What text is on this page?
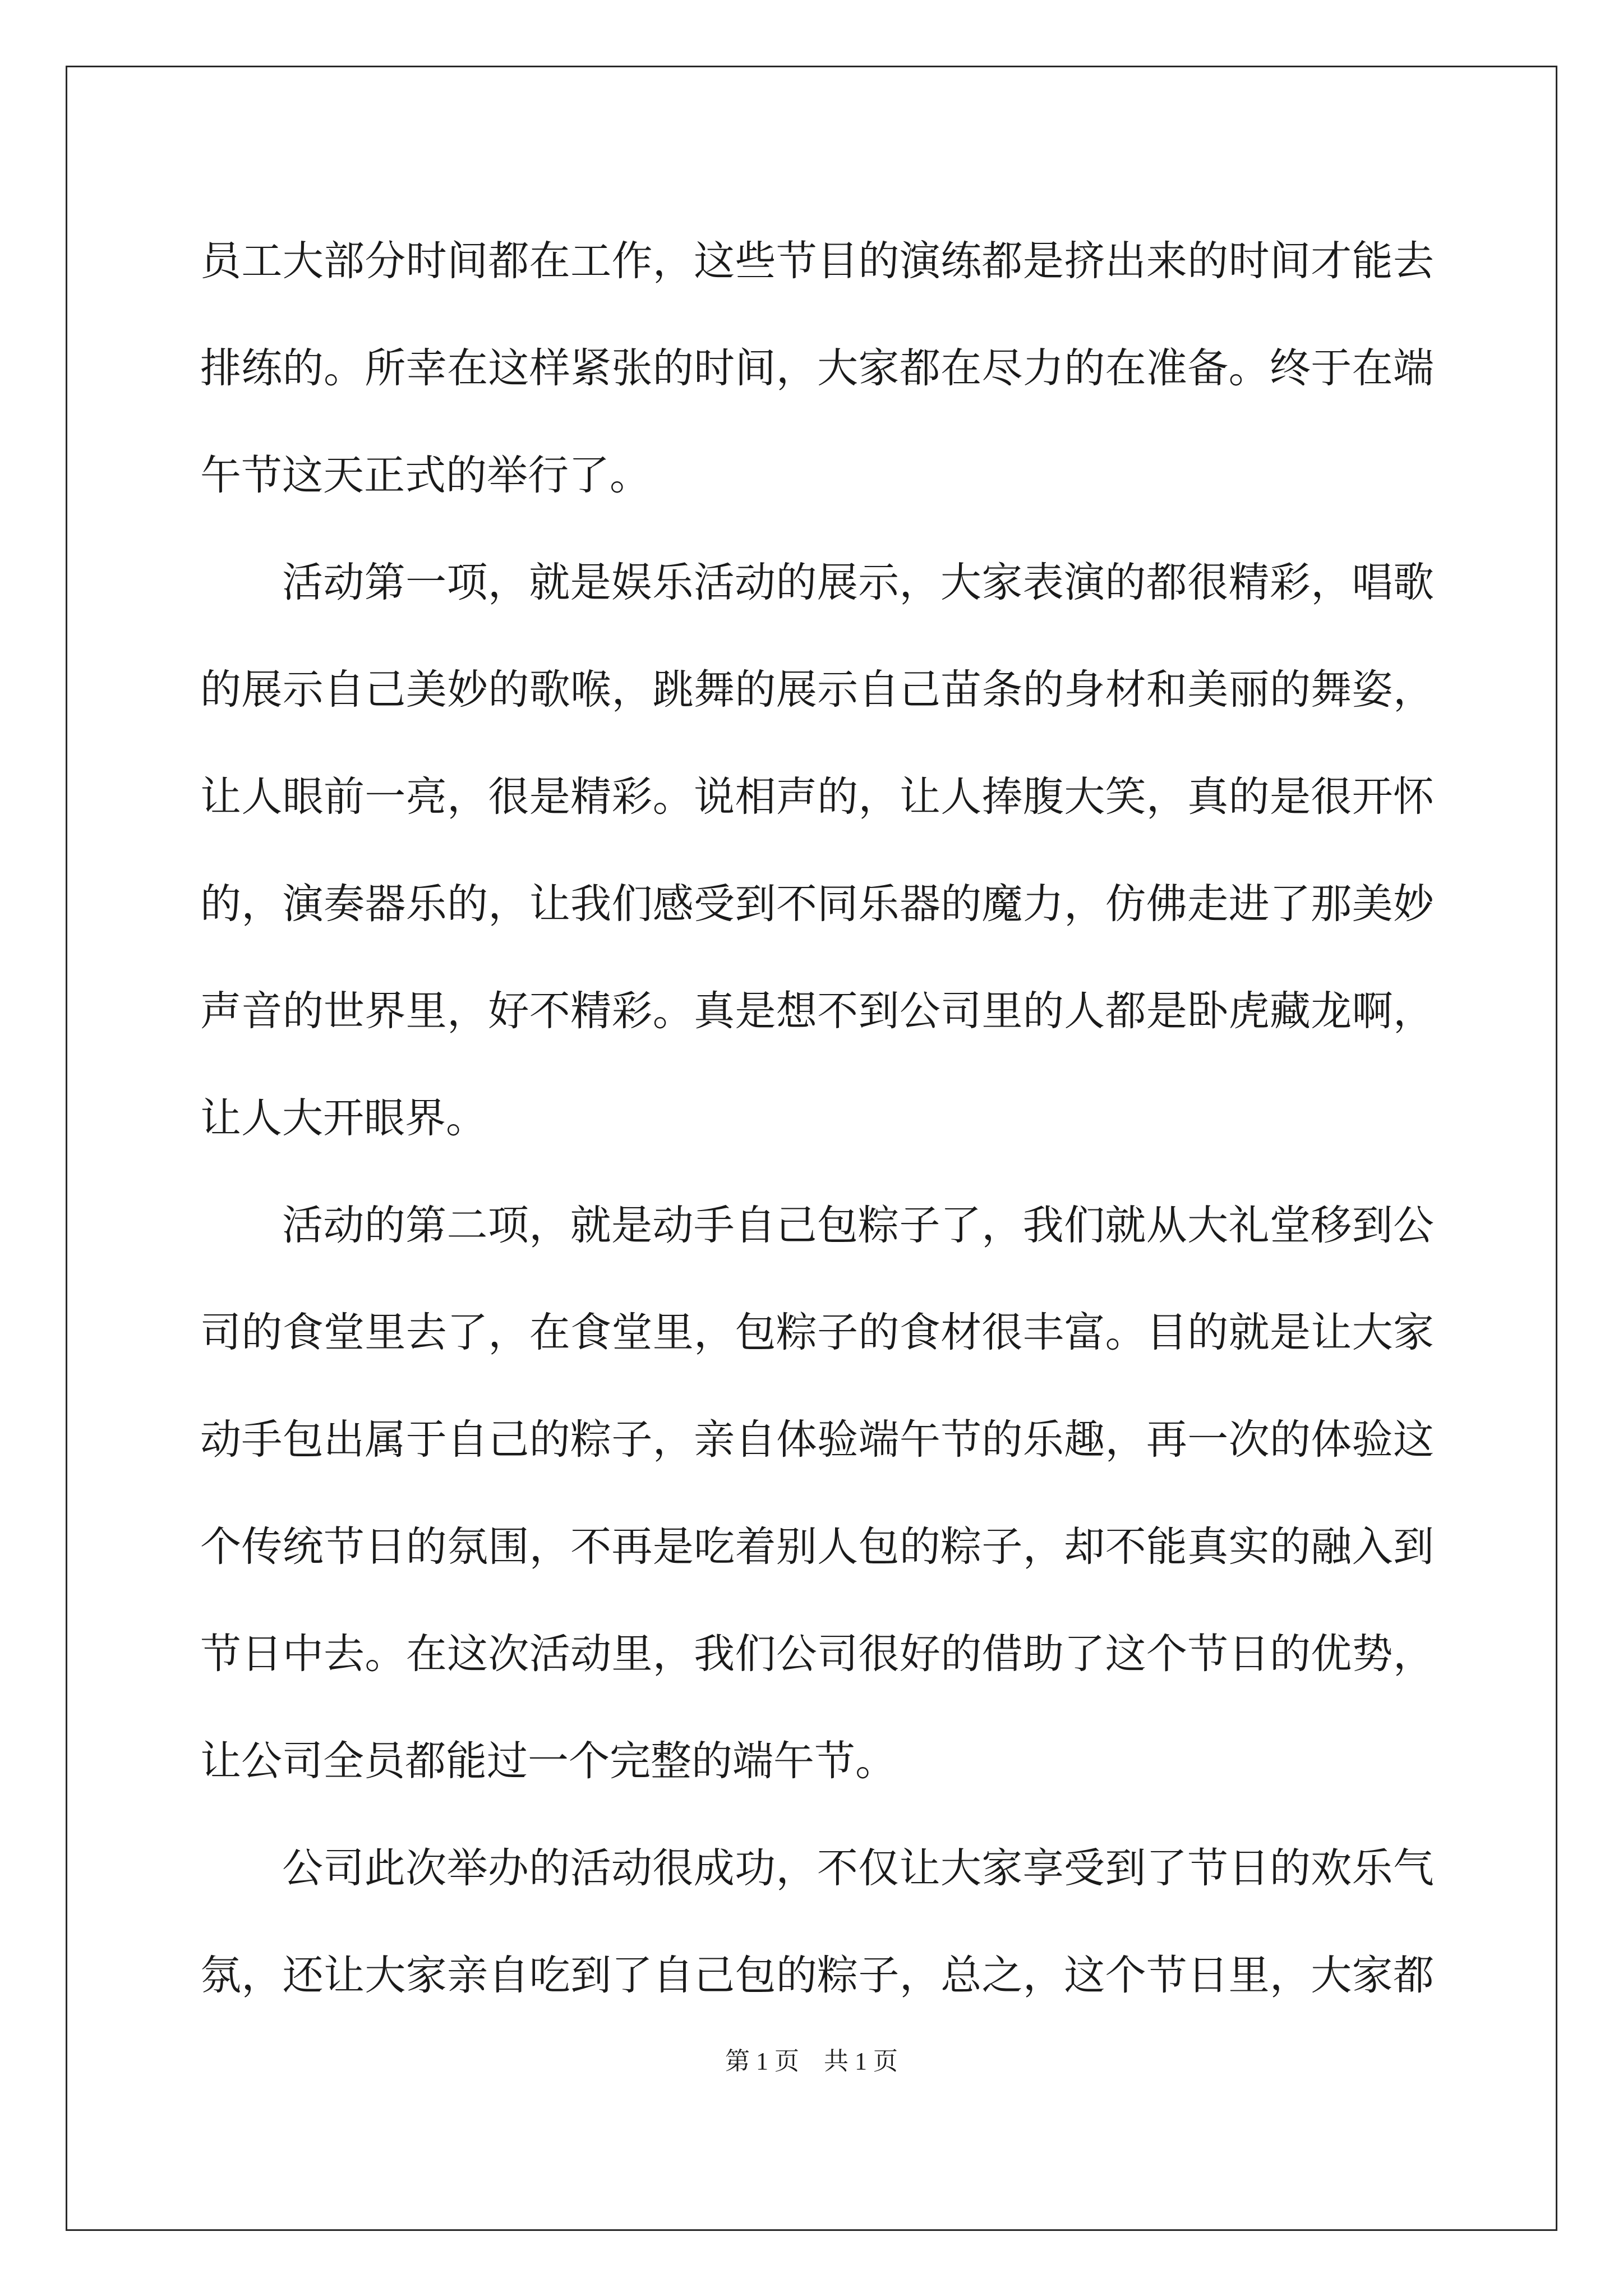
员工大部分时间都在工作，这些节目的演练都是挤出来的时间才能去
排练的。所幸在这样紧张的时间，大家都在尽力的在准备。终于在端
午节这天正式的举行了。
活动第一项，就是娱乐活动的展示，大家表演的都很精彩，唱歌
的展示自己美妙的歌喉，跳舞的展示自己苗条的身材和美丽的舞姿，
让人眼前一亮，很是精彩。说相声的，让人捧腹大笑，真的是很开怀
的，演奏器乐的，让我们感受到不同乐器的魔力，仿佛走进了那美妙
声音的世界里，好不精彩。真是想不到公司里的人都是卧虎藏龙啊，
让人大开眼界。
活动的第二项，就是动手自己包粽子了，我们就从大礼堂移到公
司的食堂里去了，在食堂里，包粽子的食材很丰富。目的就是让大家
动手包出属于自己的粽子，亲自体验端午节的乐趣，再一次的体验这
个传统节日的氛围，不再是吃着别人包的粽子，却不能真实的融入到
节日中去。在这次活动里，我们公司很好的借助了这个节日的优势，
让公司全员都能过一个完整的端午节。
公司此次举办的活动很成功，不仅让大家享受到了节日的欢乐气
氛，还让大家亲自吃到了自己包的粽子，总之，这个节日里，大家都
第 1 页　共 1 页
